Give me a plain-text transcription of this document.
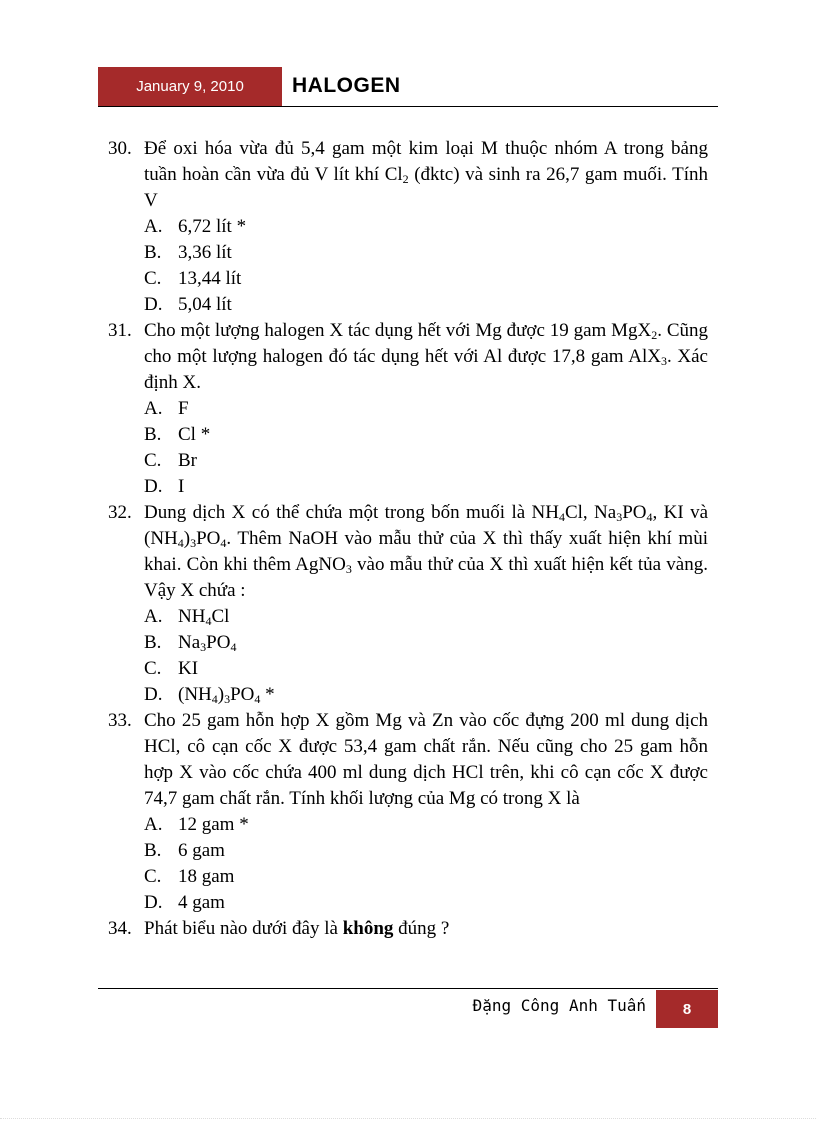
January 9, 2010 HALOGEN
30. Để oxi hóa vừa đủ 5,4 gam một kim loại M thuộc nhóm A trong bảng tuần hoàn cần vừa đủ V lít khí $Cl_2$ (đktc) và sinh ra 26,7 gam muối. Tính V
A. 6,72 lít *
B. 3,36 lít
C. 13,44 lít
D. 5,04 lít
31. Cho một lượng halogen X tác dụng hết với Mg được 19 gam MgX$_2$. Cũng cho một lượng halogen đó tác dụng hết với Al được 17,8 gam AlX$_3$. Xác định X.
A. F
B. Cl *
C. Br
D. I
32. Dung dịch X có thể chứa một trong bốn muối là $NH_4Cl$, $Na_3PO_4$, KI và $(NH_4)_3PO_4$. Thêm NaOH vào mẫu thử của X thì thấy xuất hiện khí mùi khai. Còn khi thêm AgNO$_3$ vào mẫu thử của X thì xuất hiện kết tủa vàng. Vậy X chứa :
A. $NH_4Cl$
B. $Na_3PO_4$
C. KI
D. $(NH_4)_3PO_4$ *
33. Cho 25 gam hỗn hợp X gồm Mg và Zn vào cốc đựng 200 ml dung dịch HCl, cô cạn cốc X được 53,4 gam chất rắn. Nếu cũng cho 25 gam hỗn hợp X vào cốc chứa 400 ml dung dịch HCl trên, khi cô cạn cốc X được 74,7 gam chất rắn. Tính khối lượng của Mg có trong X là
A. 12 gam *
B. 6 gam
C. 18 gam
D. 4 gam
34. Phát biểu nào dưới đây là không đúng ?
Đặng Công Anh Tuấn 8
